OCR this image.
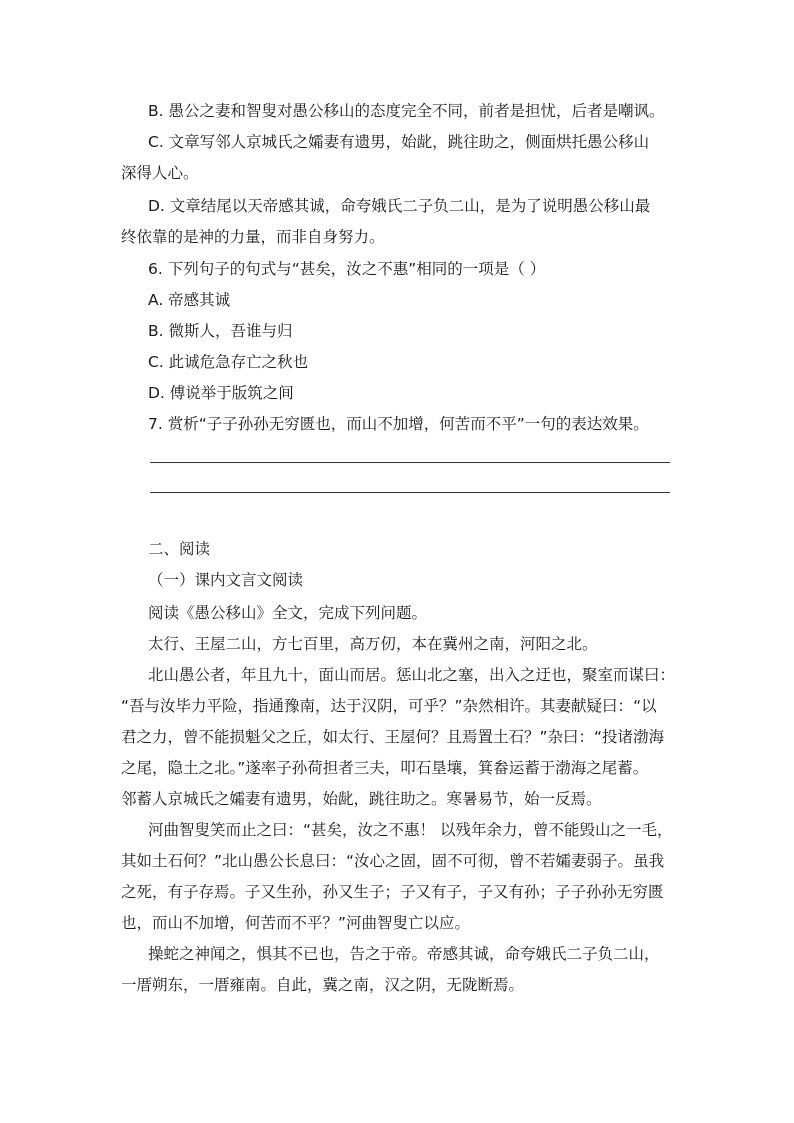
B. 愚公之妻和智叟对愚公移山的态度完全不同，前者是担忧，后者是嘲讽。
C. 文章写邻人京城氏之孀妻有遗男，始龀，跳往助之，侧面烘托愚公移山
深得人心。
D. 文章结尾以天帝感其诚，命夸娥氏二子负二山，是为了说明愚公移山最
终依靠的是神的力量，而非自身努力。
6. 下列句子的句式与“甚矣，汝之不惠”相同的一项是（ ）
A. 帝感其诚
B. 微斯人，吾谁与归
C. 此诚危急存亡之秋也
D. 傅说举于版筑之间
7. 赏析“子子孙孙无穷匮也，而山不加增，何苦而不平”一句的表达效果。
二、阅读
（一）课内文言文阅读
阅读《愚公移山》全文，完成下列问题。
太行、王屋二山，方七百里，高万仞，本在冀州之南，河阳之北。
北山愚公者，年且九十，面山而居。惩山北之塞，出入之迂也，聚室而谋曰：
“吾与汝毕力平险，指通豫南，达于汉阴，可乎？”杂然相许。其妻献疑曰：“以
君之力，曾不能损魁父之丘，如太行、王屋何？且焉置土石？”杂曰：“投诸渤海
之尾，隐土之北。”遂率子孙荷担者三夫，叩石垦壤，箕畚运蓄于渤海之尾蓄。
邻蓄人京城氏之孀妻有遗男，始龀，跳往助之。寒暑易节，始一反焉。
河曲智叟笑而止之曰：“甚矣，汝之不惠！ 以残年余力，曾不能毁山之一毛，
其如土石何？”北山愚公长息曰：“汝心之固，固不可彻，曾不若孀妻弱子。虽我
之死，有子存焉。子又生孙，孙又生子；子又有子，子又有孙；子子孙孙无穷匮
也，而山不加增，何苦而不平？”河曲智叟亡以应。
操蛇之神闻之，惧其不已也，告之于帝。帝感其诚，命夸娥氏二子负二山，
一厝朔东，一厝雍南。自此，冀之南，汉之阴，无陇断焉。
